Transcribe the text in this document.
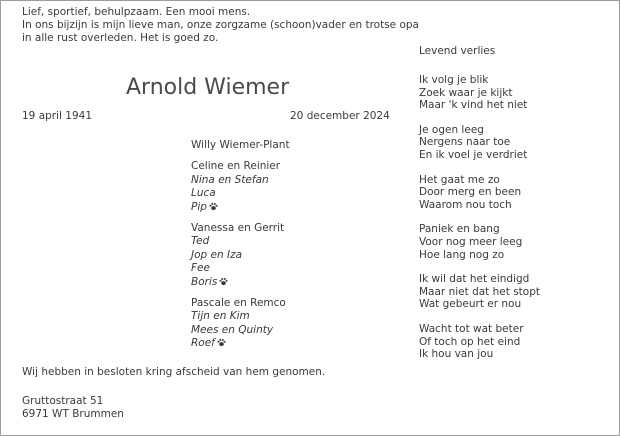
Lief, sportief, behulpzaam. Een mooi mens.
In ons bijzijn is mijn lieve man, onze zorgzame (schoon)vader en trotse opa
in alle rust overleden. Het is goed zo.
Arnold Wiemer
19 april 1941	20 december 2024
Willy Wiemer-Plant
Celine en Reinier
Nina en Stefan
Luca
Pip
Vanessa en Gerrit
Ted
Jop en Iza
Fee
Boris
Pascale en Remco
Tijn en Kim
Mees en Quinty
Roef
Wij hebben in besloten kring afscheid van hem genomen.
Gruttostraat 51
6971 WT Brummen
Levend verlies
Ik volg je blik
Zoek waar je kijkt
Maar 'k vind het niet
Je ogen leeg
Nergens naar toe
En ik voel je verdriet
Het gaat me zo
Door merg en been
Waarom nou toch
Paniek en bang
Voor nog meer leeg
Hoe lang nog zo
Ik wil dat het eindigd
Maar niet dat het stopt
Wat gebeurt er nou
Wacht tot wat beter
Of toch op het eind
Ik hou van jou
